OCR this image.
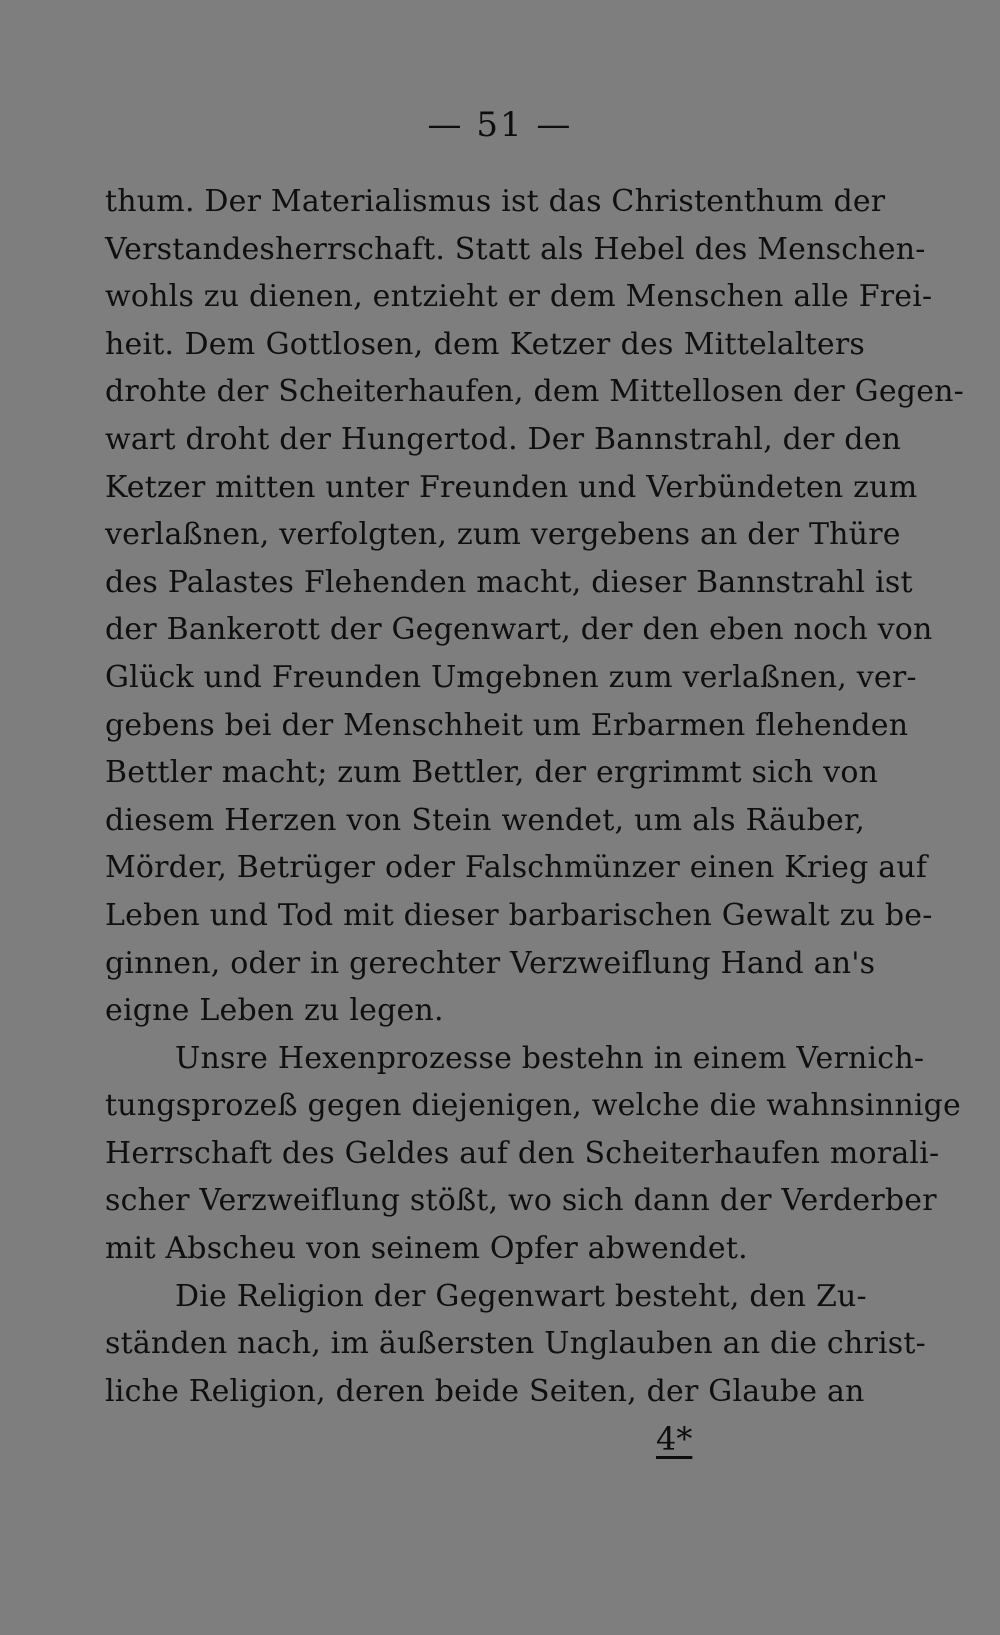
— 51 —
thum. Der Materialismus ist das Christenthum der
Verstandesherrschaft. Statt als Hebel des Menschen-
wohls zu dienen, entzieht er dem Menschen alle Frei-
heit. Dem Gottlosen, dem Ketzer des Mittelalters
drohte der Scheiterhaufen, dem Mittellosen der Gegen-
wart droht der Hungertod. Der Bannstrahl, der den
Ketzer mitten unter Freunden und Verbündeten zum
verlaßnen, verfolgten, zum vergebens an der Thüre
des Palastes Flehenden macht, dieser Bannstrahl ist
der Bankerott der Gegenwart, der den eben noch von
Glück und Freunden Umgebnen zum verlaßnen, ver-
gebens bei der Menschheit um Erbarmen flehenden
Bettler macht; zum Bettler, der ergrimmt sich von
diesem Herzen von Stein wendet, um als Räuber,
Mörder, Betrüger oder Falschmünzer einen Krieg auf
Leben und Tod mit dieser barbarischen Gewalt zu be-
ginnen, oder in gerechter Verzweiflung Hand an's
eigne Leben zu legen.
Unsre Hexenprozesse bestehn in einem Vernich-
tungsprozeß gegen diejenigen, welche die wahnsinnige
Herrschaft des Geldes auf den Scheiterhaufen morali-
scher Verzweiflung stößt, wo sich dann der Verderber
mit Abscheu von seinem Opfer abwendet.
Die Religion der Gegenwart besteht, den Zu-
ständen nach, im äußersten Unglauben an die christ-
liche Religion, deren beide Seiten, der Glaube an
4*
